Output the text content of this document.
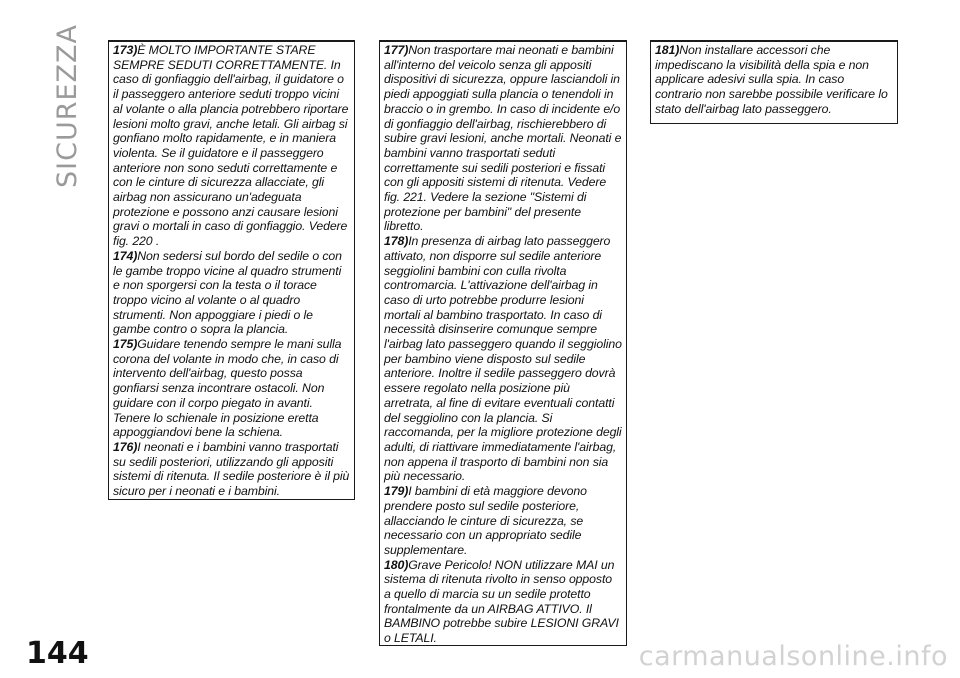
SICUREZZA 173)È MOLTO IMPORTANTE STARE SEMPRE SEDUTI CORRETTAMENTE. In caso di gonfiaggio dell'airbag, il guidatore o il passeggero anteriore seduti troppo vicini al volante o alla plancia potrebbero riportare lesioni molto gravi, anche letali. Gli airbag si gonfiano molto rapidamente, e in maniera violenta. Se il guidatore e il passeggero anteriore non sono seduti correttamente e con le cinture di sicurezza allacciate, gli airbag non assicurano un'adeguata protezione e possono anzi causare lesioni gravi o mortali in caso di gonfiaggio. Vedere fig. 220 .

174)Non sedersi sul bordo del sedile o con le gambe troppo vicine al quadro strumenti e non sporgersi con la testa o il torace troppo vicino al volante o al quadro strumenti. Non appoggiare i piedi o le gambe contro o sopra la plancia.

175)Guidare tenendo sempre le mani sulla corona del volante in modo che, in caso di intervento dell'airbag, questo possa gonfiarsi senza incontrare ostacoli. Non guidare con il corpo piegato in avanti. Tenere lo schienale in posizione eretta appoggiandovi bene la schiena.

176)I neonati e i bambini vanno trasportati su sedili posteriori, utilizzando gli appositi sistemi di ritenuta. Il sedile posteriore è il più sicuro per i neonati e i bambini.

177)Non trasportare mai neonati e bambini all'interno del veicolo senza gli appositi dispositivi di sicurezza, oppure lasciandoli in piedi appoggiati sulla plancia o tenendoli in braccio o in grembo. In caso di incidente e/o di gonfiaggio dell'airbag, rischierebbero di subire gravi lesioni, anche mortali. Neonati e bambini vanno trasportati seduti correttamente sui sedili posteriori e fissati con gli appositi sistemi di ritenuta. Vedere fig. 221. Vedere la sezione "Sistemi di protezione per bambini" del presente libretto.

178)In presenza di airbag lato passeggero attivato, non disporre sul sedile anteriore seggiolini bambini con culla rivolta contromarcia. L'attivazione dell'airbag in caso di urto potrebbe produrre lesioni mortali al bambino trasportato. In caso di necessità disinserire comunque sempre l'airbag lato passeggero quando il seggiolino per bambino viene disposto sul sedile anteriore. Inoltre il sedile passeggero dovrà essere regolato nella posizione più arretrata, al fine di evitare eventuali contatti del seggiolino con la plancia. Si raccomanda, per la migliore protezione degli adulti, di riattivare immediatamente l'airbag, non appena il trasporto di bambini non sia più necessario.

179)I bambini di età maggiore devono prendere posto sul sedile posteriore, allacciando le cinture di sicurezza, se necessario con un appropriato sedile supplementare.

180)Grave Pericolo! NON utilizzare MAI un sistema di ritenuta rivolto in senso opposto a quello di marcia su un sedile protetto frontalmente da un AIRBAG ATTIVO. Il BAMBINO potrebbe subire LESIONI GRAVI o LETALI.

181)Non installare accessori che impediscano la visibilità della spia e non applicare adesivi sulla spia. In caso contrario non sarebbe possibile verificare lo stato dell'airbag lato passeggero.

144	carmanualsonline.info
